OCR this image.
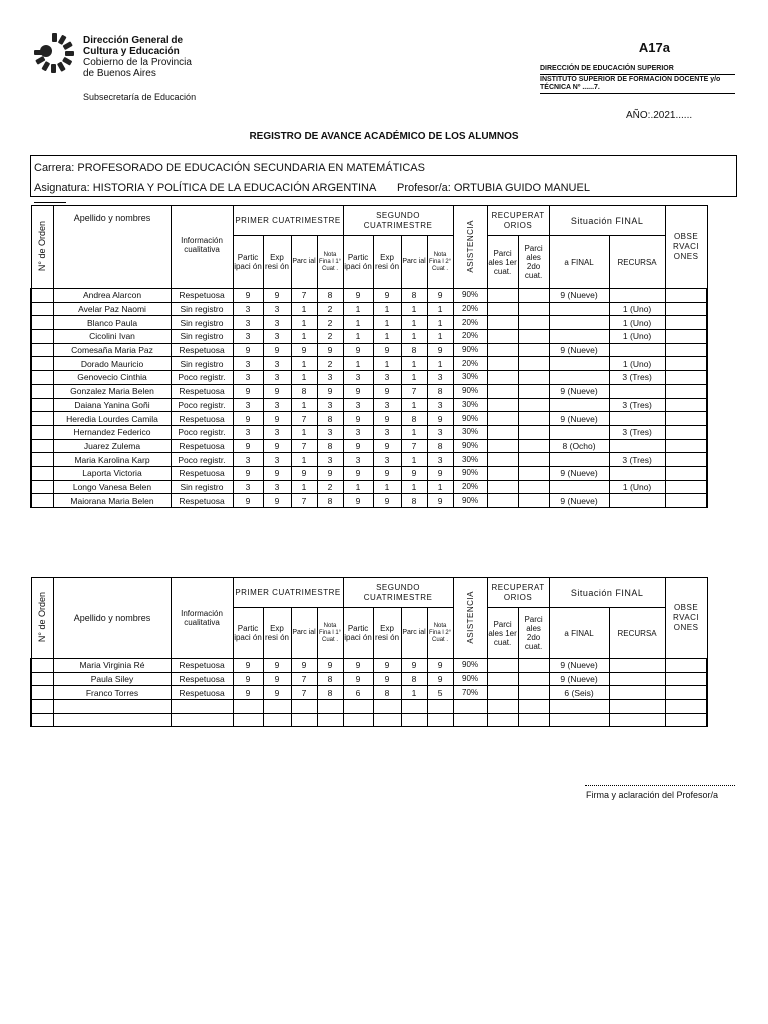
Dirección General de
Cultura y Educación
Cobierno de la Provincia
de Buenos Aires
Subsecretaría de Educación
A17a
DIRECCIÓN DE EDUCACIÓN SUPERIOR
INSTITUTO SUPERIOR DE FORMACIÓN DOCENTE y/o TÉCNICA Nº ......7.
AÑO:.2021......
REGISTRO DE AVANCE ACADÉMICO DE LOS ALUMNOS
Carrera: PROFESORADO DE EDUCACIÓN SECUNDARIA EN MATEMÁTICAS
Asignatura: HISTORIA Y POLÍTICA DE LA EDUCACIÓN ARGENTINA Profesor/a: ORTUBIA GUIDO MANUEL
N° de Orden	Apellido y nombres	Información cualitativa	PRIMER CUATRIMESTRE				SEGUNDO CUATRIMESTRE				ASISTENCIA	RECUPERAT ORIOS		Situación FINAL		OBSE RVACI ONES
			Partic ipaci ón	Exp resi ón	Parc ial	Nota Fina l 1° Cuat .	Partic ipaci ón	Exp resi ón	Parc ial	Nota Fina l 2° Cuat .		Parci ales 1er cuat.	Parci ales 2do cuat.	a FINAL	RECURSA	
	Andrea Alarcon	Respetuosa	9	9	7	8	9	9	8	9	90%			9 (Nueve)		
	Avelar Paz Naomi	Sin registro	3	3	1	2	1	1	1	1	20%				1 (Uno)	
	Blanco Paula	Sin registro	3	3	1	2	1	1	1	1	20%				1 (Uno)	
	Cicolini Ivan	Sin registro	3	3	1	2	1	1	1	1	20%				1 (Uno)	
	Comesaña Maria Paz	Respetuosa	9	9	9	9	9	9	8	9	90%			9 (Nueve)		
	Dorado Mauricio	Sin registro	3	3	1	2	1	1	1	1	20%				1 (Uno)	
	Genovecio Cinthia	Poco registr.	3	3	1	3	3	3	1	3	30%				3 (Tres)	
	Gonzalez Maria Belen	Respetuosa	9	9	8	9	9	9	7	8	90%			9 (Nueve)		
	Daiana Yanina Goñi	Poco registr.	3	3	1	3	3	3	1	3	30%				3 (Tres)	
	Heredia Lourdes Camila	Respetuosa	9	9	7	8	9	9	8	9	90%			9 (Nueve)		
	Hernandez Federico	Poco registr.	3	3	1	3	3	3	1	3	30%				3 (Tres)	
	Juarez Zulema	Respetuosa	9	9	7	8	9	9	7	8	90%			8 (Ocho)		
	Maria Karolina Karp	Poco registr.	3	3	1	3	3	3	1	3	30%				3 (Tres)	
	Laporta Victoria	Respetuosa	9	9	9	9	9	9	9	9	90%			9 (Nueve)		
	Longo Vanesa Belen	Sin registro	3	3	1	2	1	1	1	1	20%				1 (Uno)	
	Maiorana Maria Belen	Respetuosa	9	9	7	8	9	9	8	9	90%			9 (Nueve)		
N° de Orden	Apellido y nombres	Información cualitativa	PRIMER CUATRIMESTRE				SEGUNDO CUATRIMESTRE				ASISTENCIA	RECUPERAT ORIOS		Situación FINAL		OBSE RVACI ONES
			Partic ipaci ón	Exp resi ón	Parc ial	Nota Fina l 1° Cuat .	Partic ipaci ón	Exp resi ón	Parc ial	Nota Fina l 2° Cuat .		Parci ales 1er cuat.	Parci ales 2do cuat.	a FINAL	RECURSA	
	Maria Virginia Ré	Respetuosa	9	9	9	9	9	9	9	9	90%			9 (Nueve)		
	Paula Siley	Respetuosa	9	9	7	8	9	9	8	9	90%			9 (Nueve)		
	Franco Torres	Respetuosa	9	9	7	8	6	8	1	5	70%			6 (Seis)		

Firma y aclaración del Profesor/a
